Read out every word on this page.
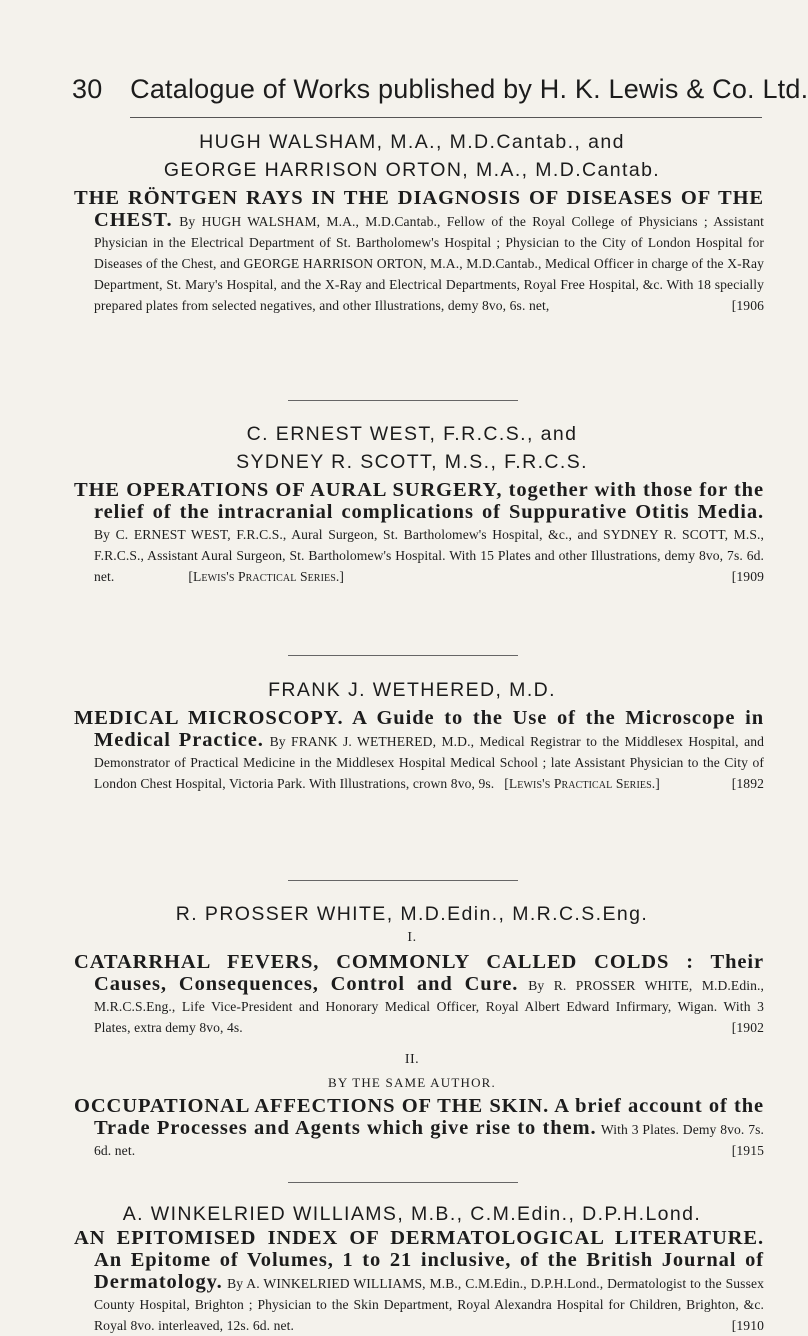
30 Catalogue of Works published by H. K. Lewis & Co. Ltd.
HUGH WALSHAM, M.A., M.D.Cantab., and
GEORGE HARRISON ORTON, M.A., M.D.Cantab.
THE RÖNTGEN RAYS IN THE DIAGNOSIS OF DISEASES OF THE CHEST. By HUGH WALSHAM, M.A., M.D.Cantab., Fellow of the Royal College of Physicians ; Assistant Physician in the Electrical Department of St. Bartholomew's Hospital ; Physician to the City of London Hospital for Diseases of the Chest, and GEORGE HARRISON ORTON, M.A., M.D.Cantab., Medical Officer in charge of the X-Ray Department, St. Mary's Hospital, and the X-Ray and Electrical Departments, Royal Free Hospital, &c. With 18 specially prepared plates from selected negatives, and other Illustrations, demy 8vo, 6s. net,	[1906
C. ERNEST WEST, F.R.C.S., and
SYDNEY R. SCOTT, M.S., F.R.C.S.
THE OPERATIONS OF AURAL SURGERY, together with those for the relief of the intracranial complications of Suppurative Otitis Media. By C. ERNEST WEST, F.R.C.S., Aural Surgeon, St. Bartholomew's Hospital, &c., and SYDNEY R. SCOTT, M.S., F.R.C.S., Assistant Aural Surgeon, St. Bartholomew's Hospital. With 15 Plates and other Illustrations, demy 8vo, 7s. 6d. net.	[Lewis's Practical Series.]	[1909
FRANK J. WETHERED, M.D.
MEDICAL MICROSCOPY. A Guide to the Use of the Microscope in Medical Practice. By FRANK J. WETHERED, M.D., Medical Registrar to the Middlesex Hospital, and Demonstrator of Practical Medicine in the Middlesex Hospital Medical School ; late Assistant Physician to the City of London Chest Hospital, Victoria Park. With Illustrations, crown 8vo, 9s. [Lewis's Practical Series.]	[1892
R. PROSSER WHITE, M.D.Edin., M.R.C.S.Eng.
I.
CATARRHAL FEVERS, COMMONLY CALLED COLDS : Their Causes, Consequences, Control and Cure. By R. PROSSER WHITE, M.D.Edin., M.R.C.S.Eng., Life Vice-President and Honorary Medical Officer, Royal Albert Edward Infirmary, Wigan. With 3 Plates, extra demy 8vo, 4s.	[1902
II.
BY THE SAME AUTHOR.
OCCUPATIONAL AFFECTIONS OF THE SKIN. A brief account of the Trade Processes and Agents which give rise to them. With 3 Plates. Demy 8vo. 7s. 6d. net.	[1915
A. WINKELRIED WILLIAMS, M.B., C.M.Edin., D.P.H.Lond.
AN EPITOMISED INDEX OF DERMATOLOGICAL LITERATURE. An Epitome of Volumes, 1 to 21 inclusive, of the British Journal of Dermatology. By A. WINKELRIED WILLIAMS, M.B., C.M.Edin., D.P.H.Lond., Dermatologist to the Sussex County Hospital, Brighton ; Physician to the Skin Department, Royal Alexandra Hospital for Children, Brighton, &c. Royal 8vo. interleaved, 12s. 6d. net.	[1910
